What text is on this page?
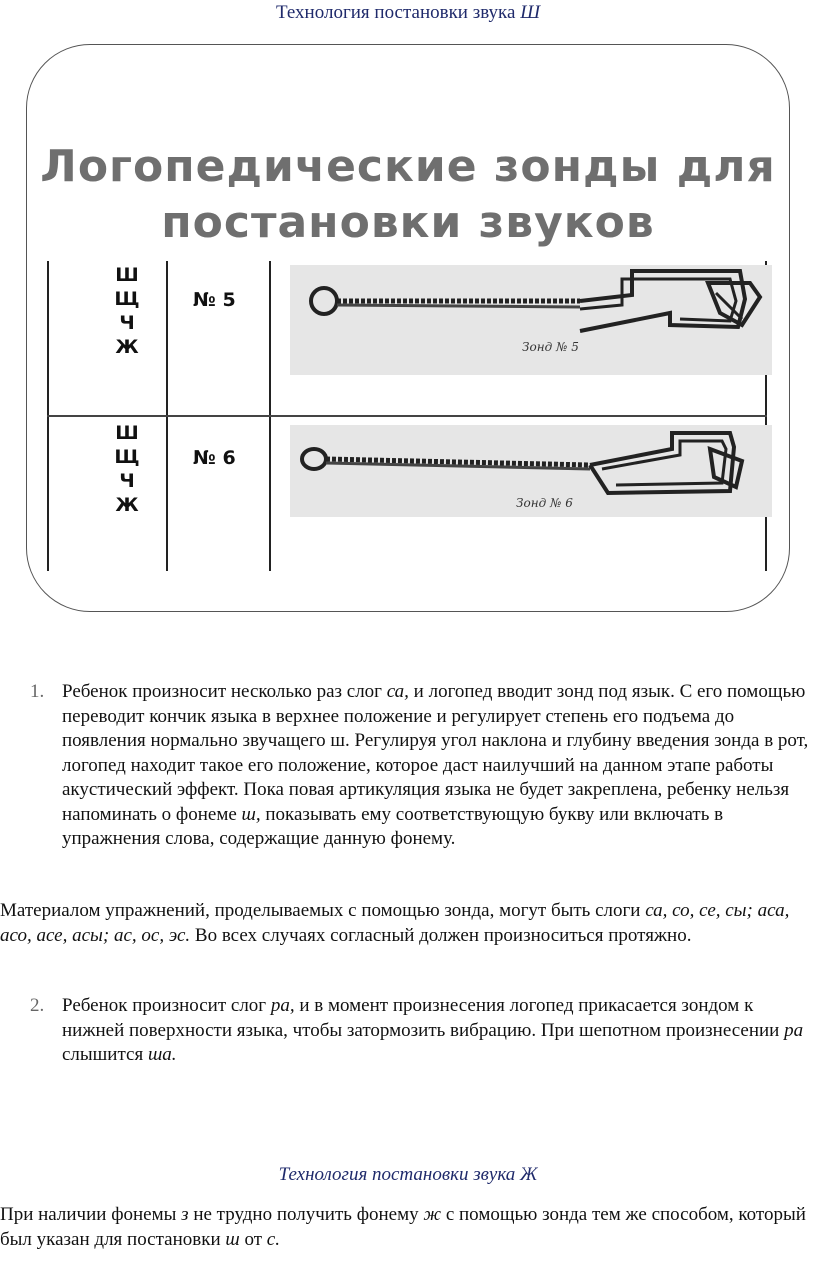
Технология постановки звука Ш
Логопедические зонды для
постановки звуков
Ш
Щ
Ч
Ж
№ 5
Зонд № 5
Ш
Щ
Ч
Ж
№ 6
Зонд № 6
1. Ребенок произносит несколько раз слог са, и логопед вводит зонд под язык. С его помощью переводит кончик языка в верхнее положение и регулирует степень его подъема до появления нормально звучащего ш. Регулируя угол наклона и глубину введения зонда в рот, логопед находит такое его положение, которое даст наилучший на данном этапе работы акустический эффект. Пока повая артикуляция языка не будет закреплена, ребенку нельзя напоминать о фонеме ш, показывать ему соответствующую букву или включать в упражнения слова, содержащие данную фонему.
Материалом упражнений, проделываемых с помощью зонда, могут быть слоги са, со, се, сы; аса, асо, асе, асы; ас, ос, эс. Во всех случаях согласный должен произноситься протяжно.
2. Ребенок произносит слог ра, и в момент произнесения логопед прикасается зондом к нижней поверхности языка, чтобы затормозить вибрацию. При шепотном произнесении ра слышится ша.
Технология постановки звука Ж
При наличии фонемы з не трудно получить фонему ж с помощью зонда тем же способом, который был указан для постановки ш от с.
